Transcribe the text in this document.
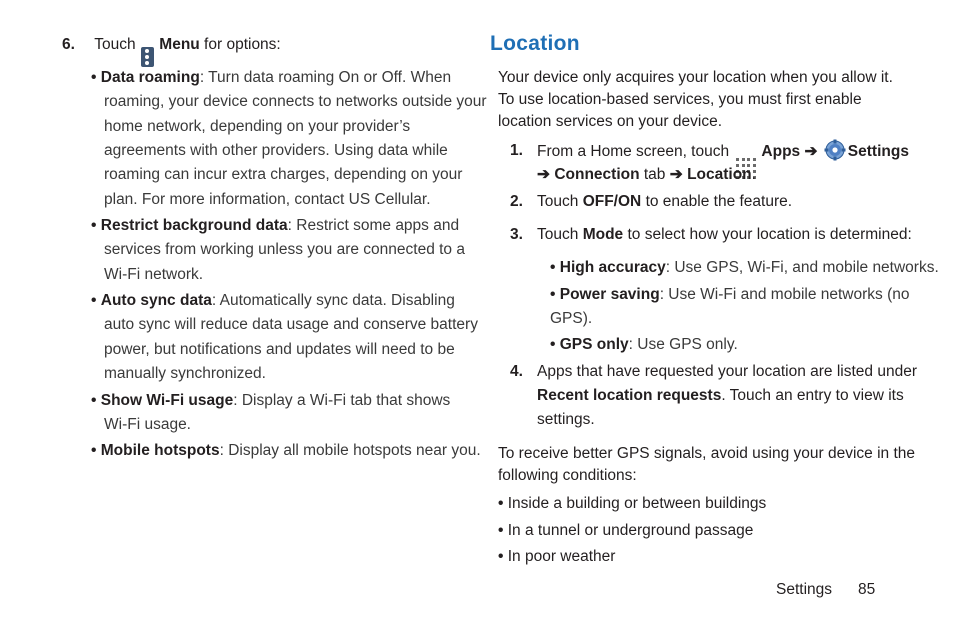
6. Touch Menu for options:
• Data roaming: Turn data roaming On or Off. When
roaming, your device connects to networks outside your
home network, depending on your provider’s
agreements with other providers. Using data while
roaming can incur extra charges, depending on your
plan. For more information, contact US Cellular.
• Restrict background data: Restrict some apps and
services from working unless you are connected to a
Wi-Fi network.
• Auto sync data: Automatically sync data. Disabling
auto sync will reduce data usage and conserve battery
power, but notifications and updates will need to be
manually synchronized.
• Show Wi-Fi usage: Display a Wi-Fi tab that shows
Wi-Fi usage.
• Mobile hotspots: Display all mobile hotspots near you.
Location
Your device only acquires your location when you allow it.
To use location-based services, you must first enable
location services on your device.
1. From a Home screen, touch Apps ➔ Settings
➔ Connection tab ➔ Location.
2. Touch OFF/ON to enable the feature.
3. Touch Mode to select how your location is determined:
• High accuracy: Use GPS, Wi-Fi, and mobile networks.
• Power saving: Use Wi-Fi and mobile networks (no
GPS).
• GPS only: Use GPS only.
4. Apps that have requested your location are listed under
Recent location requests. Touch an entry to view its
settings.
To receive better GPS signals, avoid using your device in the
following conditions:
• Inside a building or between buildings
• In a tunnel or underground passage
• In poor weather
Settings 85
